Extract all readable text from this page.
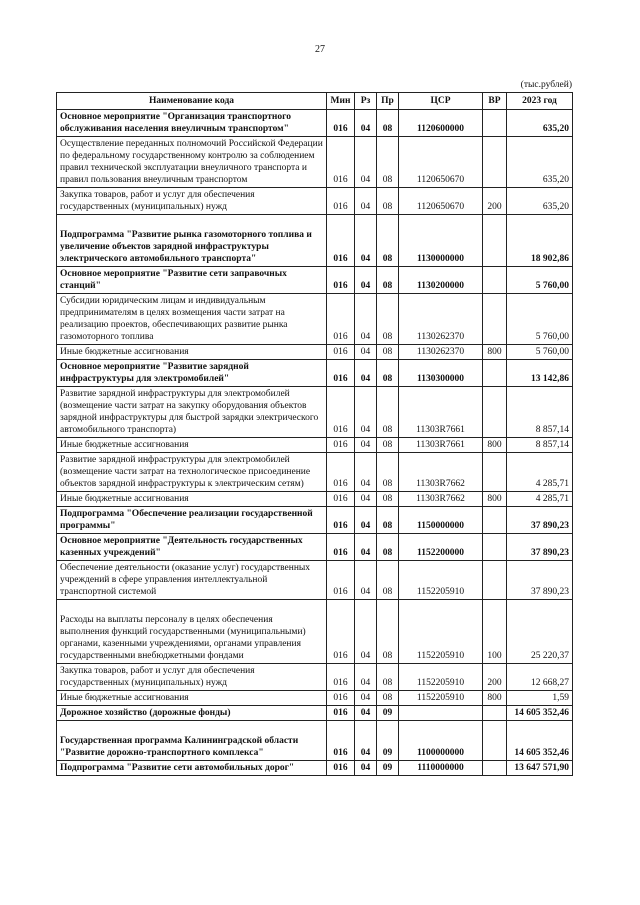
27
(тыс.рублей)
Наименование кода	Мин	Рз	Пр	ЦСР	ВР	2023 год
Основное мероприятие "Организация транспортного обслуживания населения внеуличным транспортом"	016	04	08	1120600000		635,20
Осуществление переданных полномочий Российской Федерации по федеральному государственному контролю за соблюдением правил технической эксплуатации внеуличного транспорта и правил пользования внеуличным транспортом	016	04	08	1120650670		635,20
Закупка товаров, работ и услуг для обеспечения государственных (муниципальных) нужд	016	04	08	1120650670	200	635,20
Подпрограмма "Развитие рынка газомоторного топлива и увеличение объектов зарядной инфраструктуры электрического автомобильного транспорта"	016	04	08	1130000000		18 902,86
Основное мероприятие "Развитие сети заправочных станций"	016	04	08	1130200000		5 760,00
Субсидии юридическим лицам и индивидуальным предпринимателям в целях возмещения части затрат на реализацию проектов, обеспечивающих развитие рынка газомоторного топлива	016	04	08	1130262370		5 760,00
Иные бюджетные ассигнования	016	04	08	1130262370	800	5 760,00
Основное мероприятие "Развитие зарядной инфраструктуры для электромобилей"	016	04	08	1130300000		13 142,86
Развитие зарядной инфраструктуры для электромобилей (возмещение части затрат на закупку оборудования объектов зарядной инфраструктуры для быстрой зарядки электрического автомобильного транспорта)	016	04	08	11303R7661		8 857,14
Иные бюджетные ассигнования	016	04	08	11303R7661	800	8 857,14
Развитие зарядной инфраструктуры для электромобилей (возмещение части затрат на технологическое присоединение объектов зарядной инфраструктуры к электрическим сетям)	016	04	08	11303R7662		4 285,71
Иные бюджетные ассигнования	016	04	08	11303R7662	800	4 285,71
Подпрограмма "Обеспечение реализации государственной программы"	016	04	08	1150000000		37 890,23
Основное мероприятие "Деятельность государственных казенных учреждений"	016	04	08	1152200000		37 890,23
Обеспечение деятельности (оказание услуг) государственных учреждений в сфере управления интеллектуальной транспортной системой	016	04	08	1152205910		37 890,23
Расходы на выплаты персоналу в целях обеспечения выполнения функций государственными (муниципальными) органами, казенными учреждениями, органами управления государственными внебюджетными фондами	016	04	08	1152205910	100	25 220,37
Закупка товаров, работ и услуг для обеспечения государственных (муниципальных) нужд	016	04	08	1152205910	200	12 668,27
Иные бюджетные ассигнования	016	04	08	1152205910	800	1,59
Дорожное хозяйство (дорожные фонды)	016	04	09			14 605 352,46
Государственная программа Калининградской области "Развитие дорожно-транспортного комплекса"	016	04	09	1100000000		14 605 352,46
Подпрограмма "Развитие сети автомобильных дорог"	016	04	09	1110000000		13 647 571,90
